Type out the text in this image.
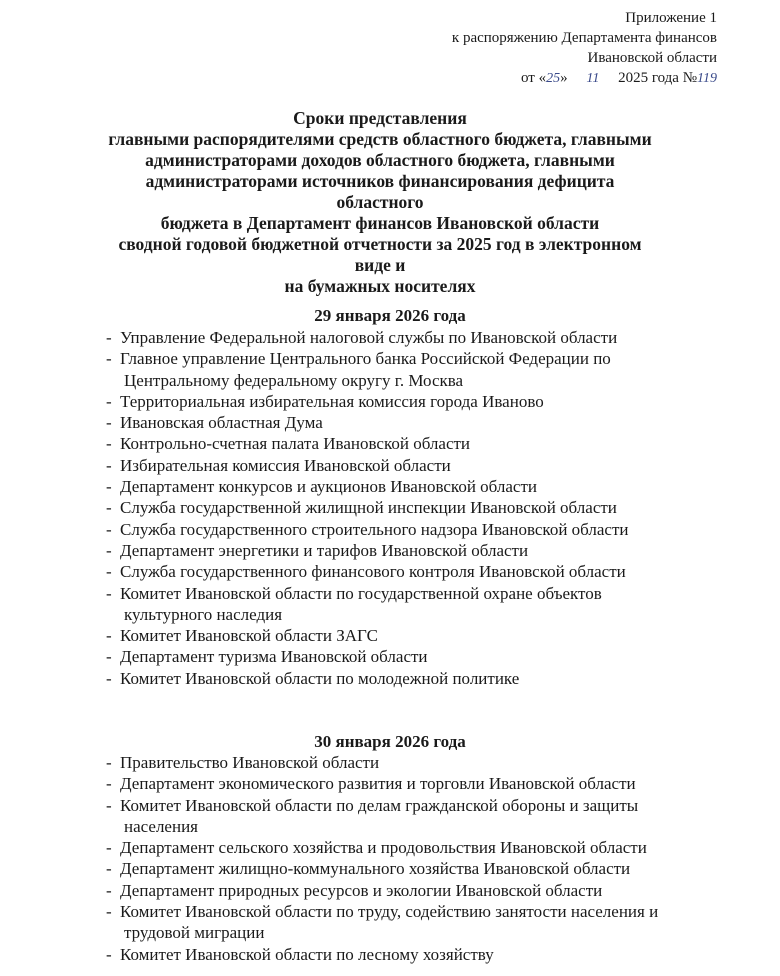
Приложение 1
к распоряжению Департамента финансов
Ивановской области
от «25» 11 2025 года №119
Сроки представления
главными распорядителями средств областного бюджета, главными
администраторами доходов областного бюджета, главными
администраторами источников финансирования дефицита областного
бюджета в Департамент финансов Ивановской области
сводной годовой бюджетной отчетности за 2025 год в электронном виде и
на бумажных носителях
29 января 2026 года
- Управление Федеральной налоговой службы по Ивановской области
- Главное управление Центрального банка Российской Федерации по
Центральному федеральному округу г. Москва
- Территориальная избирательная комиссия города Иваново
- Ивановская областная Дума
- Контрольно-счетная палата Ивановской области
- Избирательная комиссия Ивановской области
- Департамент конкурсов и аукционов Ивановской области
- Служба государственной жилищной инспекции Ивановской области
- Служба государственного строительного надзора Ивановской области
- Департамент энергетики и тарифов Ивановской области
- Служба государственного финансового контроля Ивановской области
- Комитет Ивановской области по государственной охране объектов
культурного наследия
- Комитет Ивановской области ЗАГС
- Департамент туризма Ивановской области
- Комитет Ивановской области по молодежной политике
30 января 2026 года
- Правительство Ивановской области
- Департамент экономического развития и торговли Ивановской области
- Комитет Ивановской области по делам гражданской обороны и защиты
населения
- Департамент сельского хозяйства и продовольствия Ивановской области
- Департамент жилищно-коммунального хозяйства Ивановской области
- Департамент природных ресурсов и экологии Ивановской области
- Комитет Ивановской области по труду, содействию занятости населения и
трудовой миграции
- Комитет Ивановской области по лесному хозяйству
